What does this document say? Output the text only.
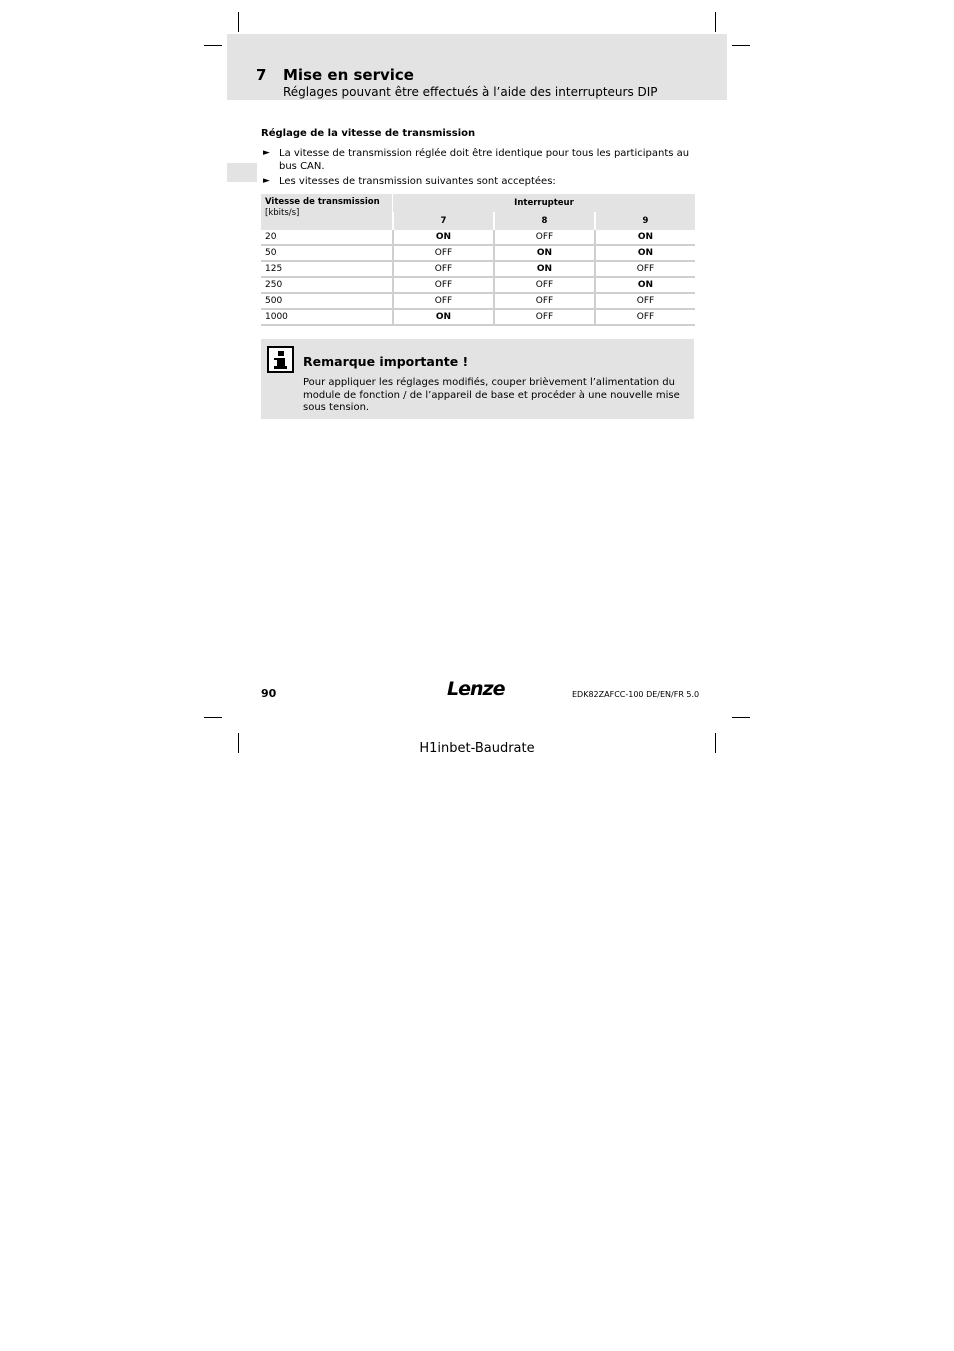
7 Mise en service
Réglages pouvant être effectués à l’aide des interrupteurs DIP
Réglage de la vitesse de transmission
► La vitesse de transmission réglée doit être identique pour tous les participants au bus CAN.
► Les vitesses de transmission suivantes sont acceptées:
Vitesse de transmission
[kbits/s]	Interrupteur		
	7	8	9
20	ON	OFF	ON
50	OFF	ON	ON
125	OFF	ON	OFF
250	OFF	OFF	ON
500	OFF	OFF	OFF
1000	ON	OFF	OFF
Remarque importante !
Pour appliquer les réglages modifiés, couper brièvement l’alimentation du module de fonction / de l’appareil de base et procéder à une nouvelle mise sous tension.
90	Lenze	EDK82ZAFCC-100 DE/EN/FR 5.0
H1inbet-Baudrate
